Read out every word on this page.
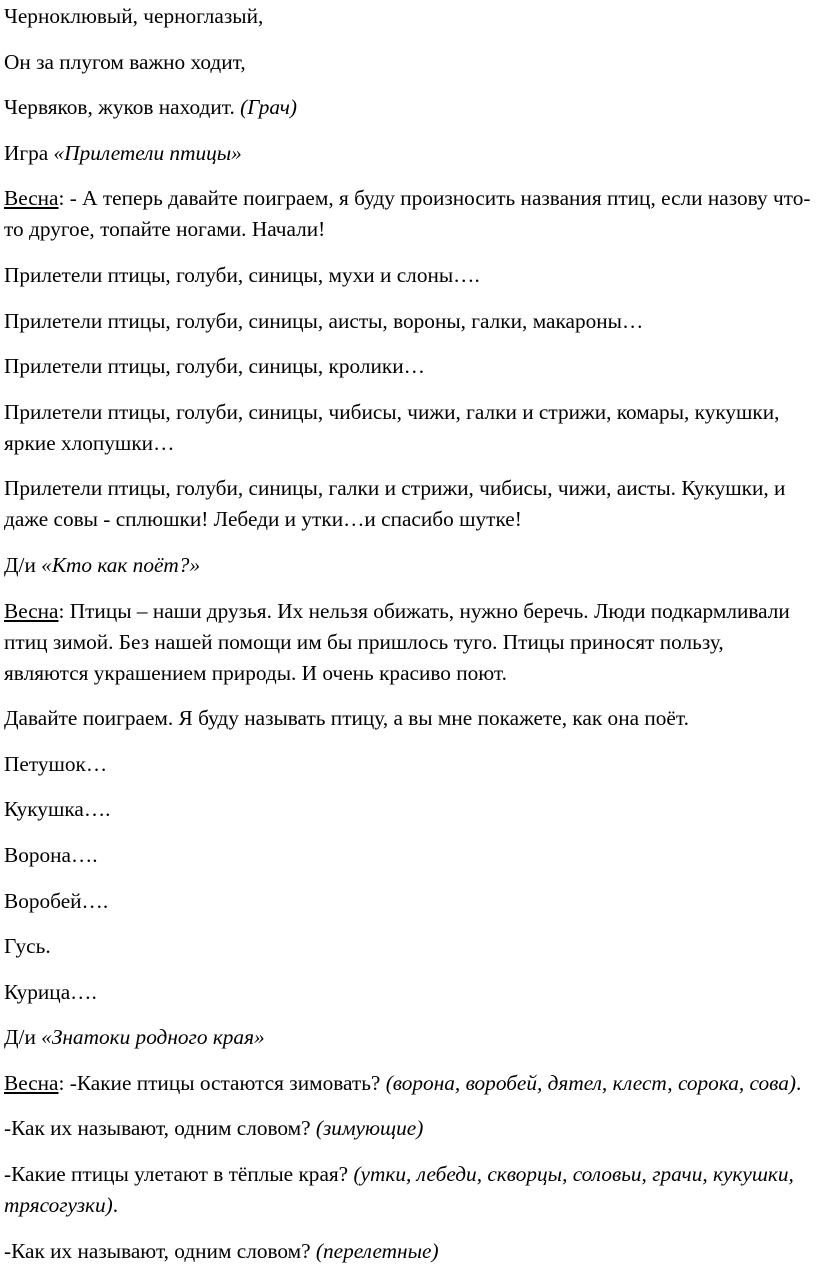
Черноклювый, черноглазый,

Он за плугом важно ходит,

Червяков, жуков находит. (Грач)

Игра «Прилетели птицы»

Весна: - А теперь давайте поиграем, я буду произносить названия птиц, если назову что-то другое, топайте ногами. Начали!

Прилетели птицы, голуби, синицы, мухи и слоны….

Прилетели птицы, голуби, синицы, аисты, вороны, галки, макароны…

Прилетели птицы, голуби, синицы, кролики…

Прилетели птицы, голуби, синицы, чибисы, чижи, галки и стрижи, комары, кукушки, яркие хлопушки…

Прилетели птицы, голуби, синицы, галки и стрижи, чибисы, чижи, аисты. Кукушки, и даже совы - сплюшки! Лебеди и утки…и спасибо шутке!

Д/и «Кто как поёт?»

Весна: Птицы – наши друзья. Их нельзя обижать, нужно беречь. Люди подкармливали птиц зимой. Без нашей помощи им бы пришлось туго. Птицы приносят пользу, являются украшением природы. И очень красиво поют.

Давайте поиграем. Я буду называть птицу, а вы мне покажете, как она поёт.

Петушок…

Кукушка….

Ворона….

Воробей….

Гусь.

Курица….

Д/и «Знатоки родного края»

Весна: -Какие птицы остаются зимовать? (ворона, воробей, дятел, клест, сорока, сова).

-Как их называют, одним словом? (зимующие)

-Какие птицы улетают в тёплые края? (утки, лебеди, скворцы, соловьи, грачи, кукушки, трясогузки).

-Как их называют, одним словом? (перелетные)
